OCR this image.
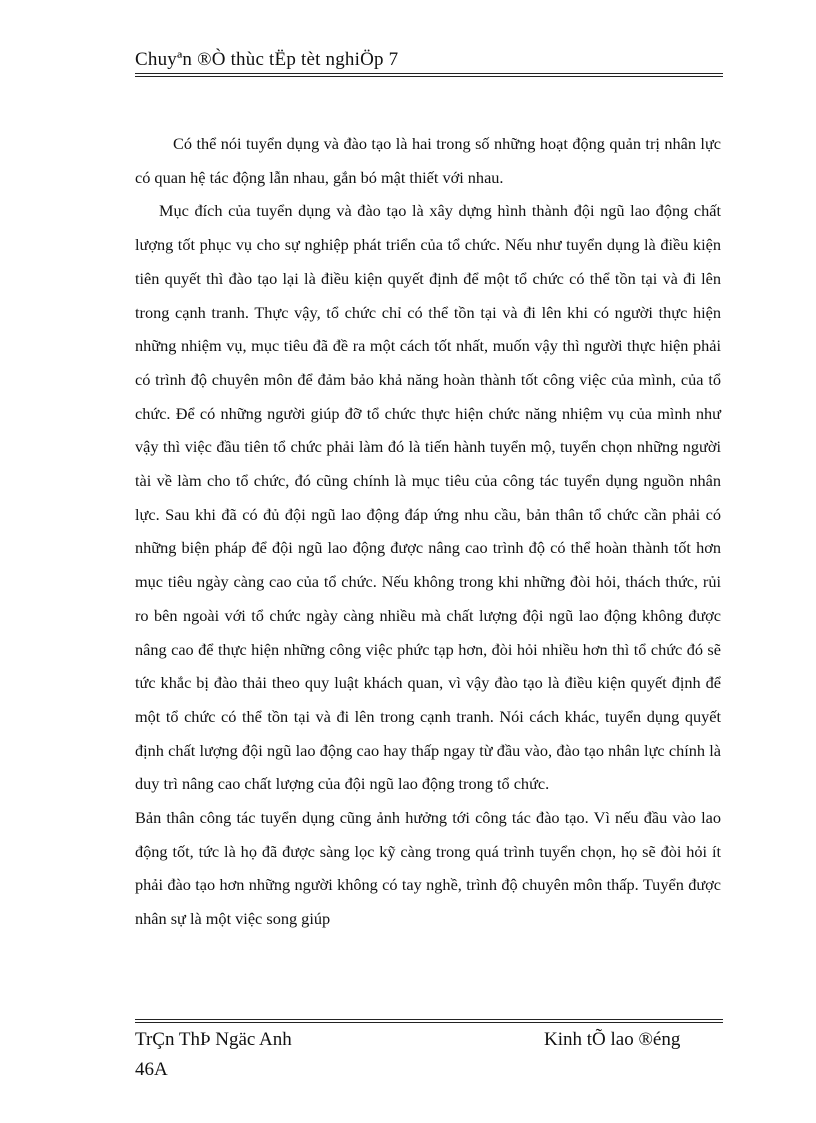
Chuyªn ®Ò thùc tËp tèt nghiÖp 7

Có thể nói tuyển dụng và đào tạo là hai trong số những hoạt động quản trị nhân lực có quan hệ tác động lẫn nhau, gắn bó mật thiết với nhau.

Mục đích của tuyển dụng và đào tạo là xây dựng hình thành đội ngũ lao động chất lượng tốt phục vụ cho sự nghiệp phát triển của tổ chức. Nếu như tuyển dụng là điều kiện tiên quyết thì đào tạo lại là điều kiện quyết định để một tổ chức có thể tồn tại và đi lên trong cạnh tranh. Thực vậy, tổ chức chỉ có thể tồn tại và đi lên khi có người thực hiện những nhiệm vụ, mục tiêu đã đề ra một cách tốt nhất, muốn vậy thì người thực hiện phải có trình độ chuyên môn để đảm bảo khả năng hoàn thành tốt công việc của mình, của tổ chức. Để có những người giúp đỡ tổ chức thực hiện chức năng nhiệm vụ của mình như vậy thì việc đầu tiên tổ chức phải làm đó là tiến hành tuyển mộ, tuyển chọn những người tài về làm cho tổ chức, đó cũng chính là mục tiêu của công tác tuyển dụng nguồn nhân lực. Sau khi đã có đủ đội ngũ lao động đáp ứng nhu cầu, bản thân tổ chức cần phải có những biện pháp để đội ngũ lao động được nâng cao trình độ có thể hoàn thành tốt hơn mục tiêu ngày càng cao của tổ chức. Nếu không trong khi những đòi hỏi, thách thức, rủi ro bên ngoài với tổ chức ngày càng nhiều mà chất lượng đội ngũ lao động không được nâng cao để thực hiện những công việc phức tạp hơn, đòi hỏi nhiều hơn thì tổ chức đó sẽ tức khắc bị đào thải theo quy luật khách quan, vì vậy đào tạo là điều kiện quyết định để một tổ chức có thể tồn tại và đi lên trong cạnh tranh. Nói cách khác, tuyển dụng quyết định chất lượng đội ngũ lao động cao hay thấp ngay từ đầu vào, đào tạo nhân lực chính là duy trì nâng cao chất lượng của đội ngũ lao động trong tổ chức.

Bản thân công tác tuyển dụng cũng ảnh hưởng tới công tác đào tạo. Vì nếu đầu vào lao động tốt, tức là họ đã được sàng lọc kỹ càng trong quá trình tuyển chọn, họ sẽ đòi hỏi ít phải đào tạo hơn những người không có tay nghề, trình độ chuyên môn thấp. Tuyển được nhân sự là một việc song giúp

TrÇn ThÞ Ngäc Anh	Kinh tÕ lao ®éng
46A
